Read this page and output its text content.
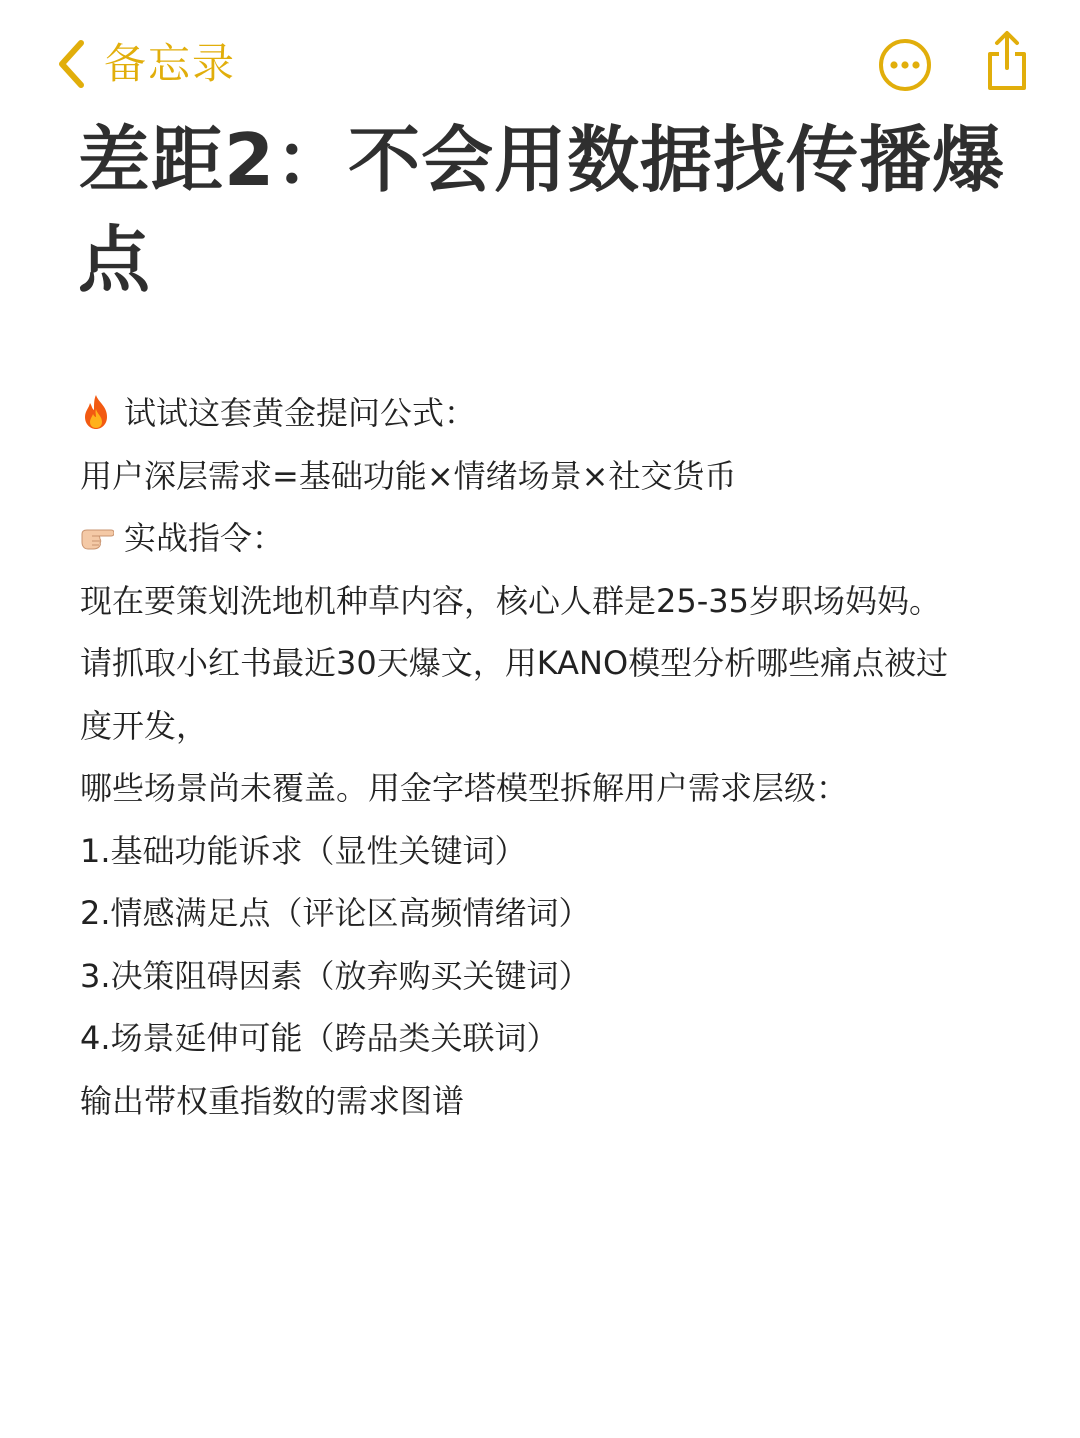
备忘录
差距2：不会用数据找传播爆点
试试这套黄金提问公式：
用户深层需求=基础功能×情绪场景×社交货币
实战指令：
现在要策划洗地机种草内容，核心人群是25-35岁职场妈妈。
请抓取小红书最近30天爆文，用KANO模型分析哪些痛点被过
度开发，
哪些场景尚未覆盖。用金字塔模型拆解用户需求层级：
1.基础功能诉求（显性关键词）
2.情感满足点（评论区高频情绪词）
3.决策阻碍因素（放弃购买关键词）
4.场景延伸可能（跨品类关联词）
输出带权重指数的需求图谱
